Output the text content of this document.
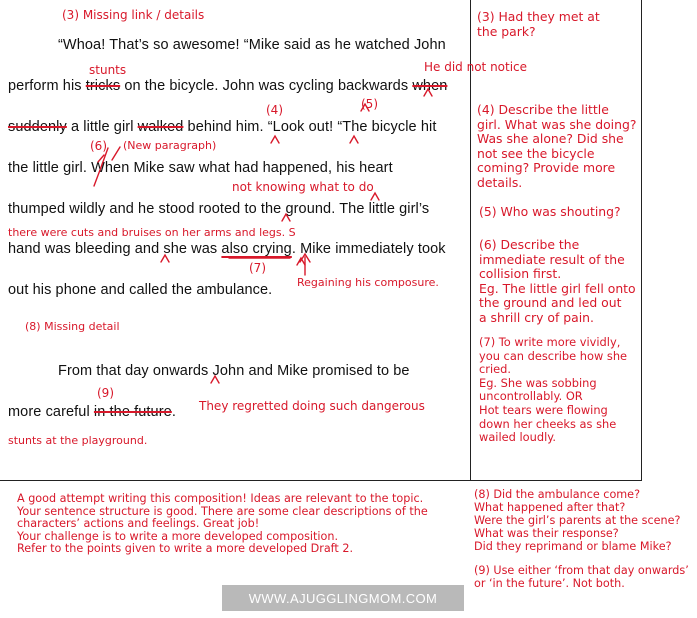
“Whoa! That’s so awesome! “Mike said as he watched John
perform his tricks on the bicycle. John was cycling backwards when
suddenly a little girl walked behind him. “Look out! “The bicycle hit
the little girl. When Mike saw what had happened, his heart
thumped wildly and he stood rooted to the ground. The little girl’s
hand was bleeding and she was also crying. Mike immediately took
out his phone and called the ambulance.
From that day onwards John and Mike promised to be
more careful in the future.
(3) Missing link / details
stunts	He did not notice
(4)	(5)
(6) (New paragraph)
not knowing what to do
there were cuts and bruises on her arms and legs. S
(7)
Regaining his composure.
(8) Missing detail
(9)
They regretted doing such dangerous
stunts at the playground.
(3) Had they met at
the park?
(4) Describe the little
girl. What was she doing?
Was she alone? Did she
not see the bicycle
coming? Provide more
details.
(5) Who was shouting?
(6) Describe the
immediate result of the
collision first.
Eg. The little girl fell onto
the ground and led out
a shrill cry of pain.
(7) To write more vividly,
you can describe how she
cried.
Eg. She was sobbing
uncontrollably. OR
Hot tears were flowing
down her cheeks as she
wailed loudly.
A good attempt writing this composition! Ideas are relevant to the topic.
Your sentence structure is good. There are some clear descriptions of the
characters’ actions and feelings. Great job!
Your challenge is to write a more developed composition.
Refer to the points given to write a more developed Draft 2.
(8) Did the ambulance come?
What happened after that?
Were the girl’s parents at the scene?
What was their response?
Did they reprimand or blame Mike?
(9) Use either ‘from that day onwards’
or ‘in the future’. Not both.
WWW.AJUGGLINGMOM.COM
